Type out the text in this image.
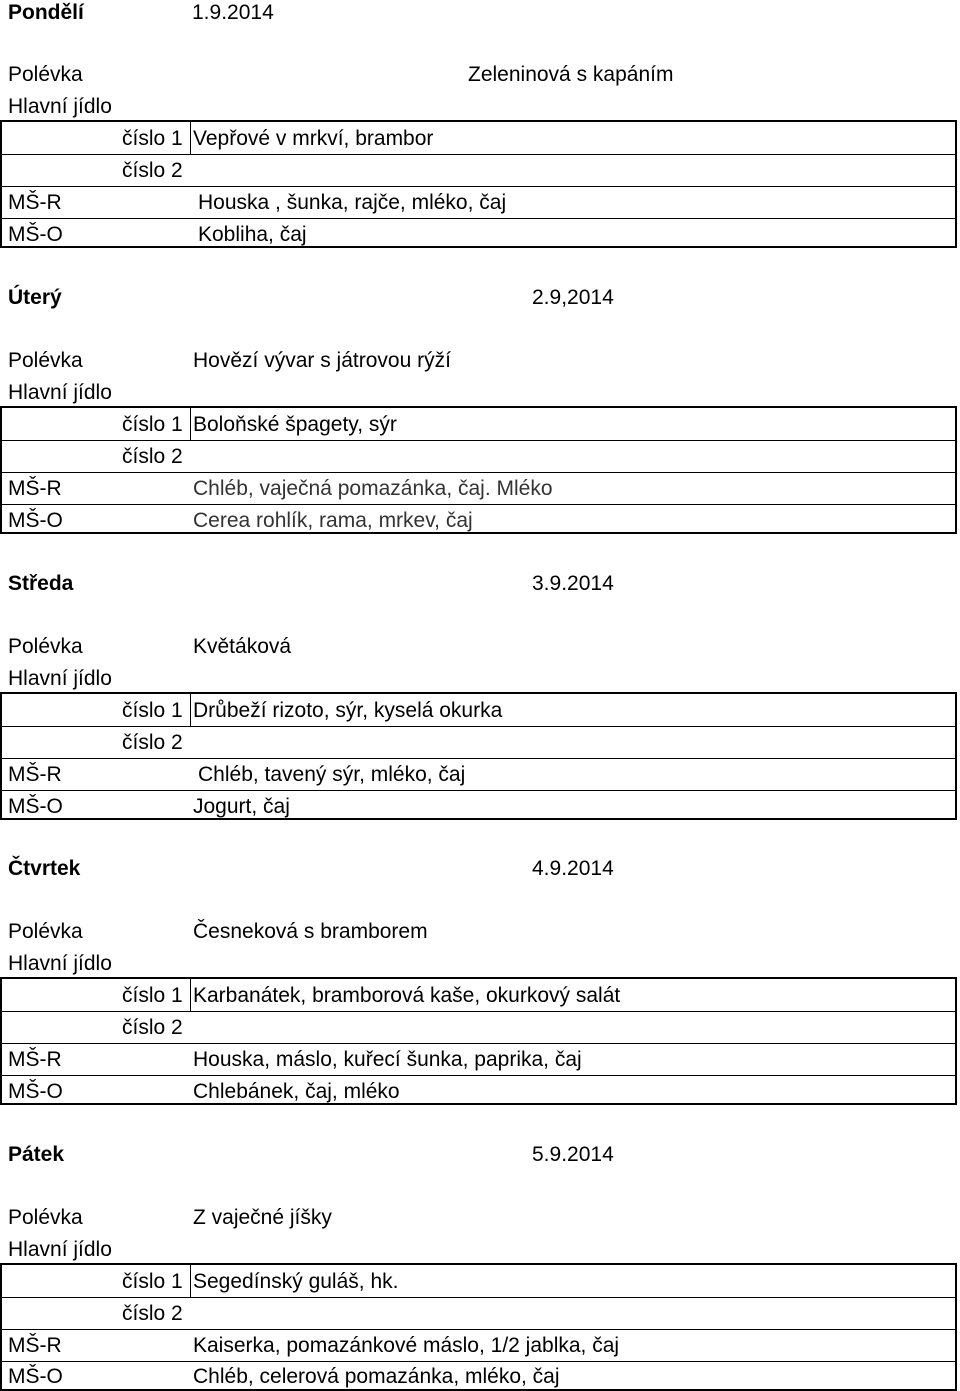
Pondělí	1.9.2014
Polévka	Zeleninová s kapáním
Hlavní jídlo
číslo 1 Vepřové v mrkví, brambor
číslo 2
MŠ-R	Houska , šunka, rajče, mléko, čaj
MŠ-O	Kobliha, čaj
Úterý	2.9,2014
Polévka	Hovězí vývar s játrovou rýží
Hlavní jídlo
číslo 1 Boloňské špagety, sýr
číslo 2
MŠ-R	Chléb, vaječná pomazánka, čaj. Mléko
MŠ-O	Cerea rohlík, rama, mrkev, čaj
Středa	3.9.2014
Polévka	Květáková
Hlavní jídlo
číslo 1 Drůbeží rizoto, sýr, kyselá okurka
číslo 2
MŠ-R	Chléb, tavený sýr, mléko, čaj
MŠ-O	Jogurt, čaj
Čtvrtek	4.9.2014
Polévka	Česneková s bramborem
Hlavní jídlo
číslo 1 Karbanátek, bramborová kaše, okurkový salát
číslo 2
MŠ-R	Houska, máslo, kuřecí šunka, paprika, čaj
MŠ-O	Chlebánek, čaj, mléko
Pátek	5.9.2014
Polévka	Z vaječné jíšky
Hlavní jídlo
číslo 1 Segedínský guláš, hk.
číslo 2
MŠ-R	Kaiserka, pomazánkové máslo, 1/2 jablka, čaj
MŠ-O	Chléb, celerová pomazánka, mléko, čaj
